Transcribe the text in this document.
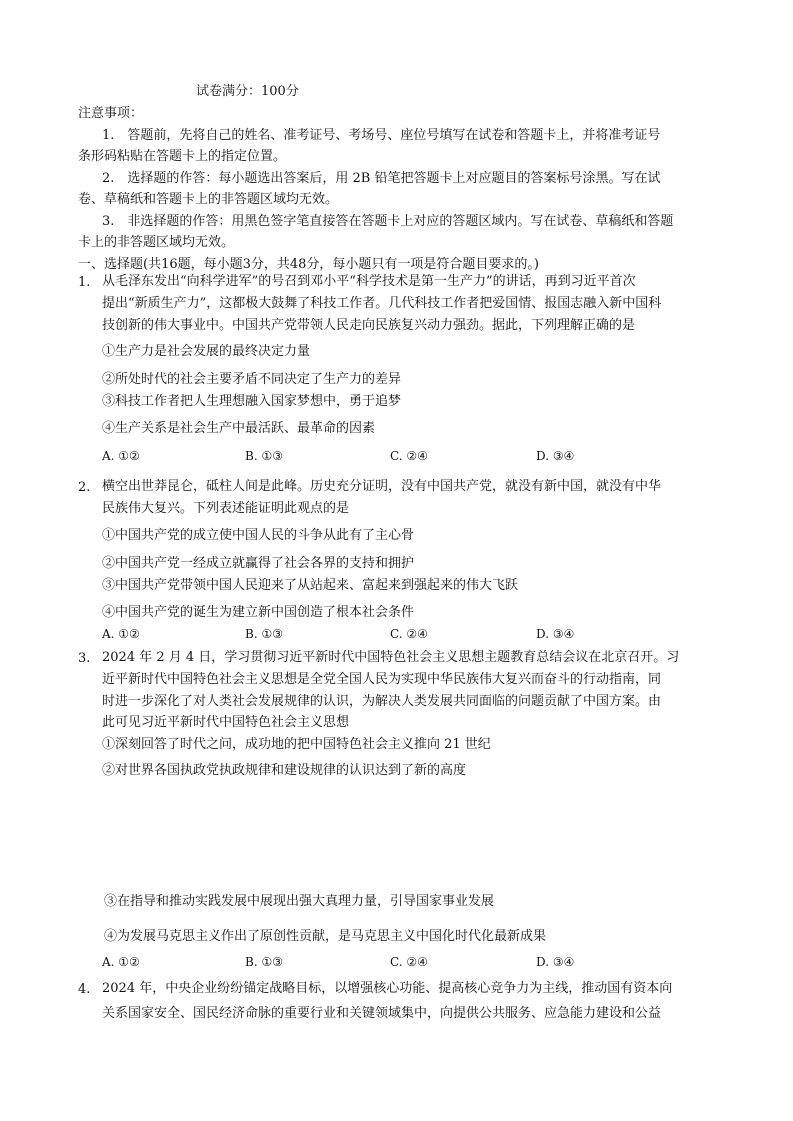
试卷满分：100分
注意事项：
1.　答题前，先将自己的姓名、准考证号、考场号、座位号填写在试卷和答题卡上，并将准考证号
条形码粘贴在答题卡上的指定位置。
2.　选择题的作答：每小题选出答案后，用 2B 铅笔把答题卡上对应题目的答案标号涂黑。写在试
卷、草稿纸和答题卡上的非答题区域均无效。
3.　非选择题的作答：用黑色签字笔直接答在答题卡上对应的答题区域内。写在试卷、草稿纸和答题
卡上的非答题区域均无效。
一、选择题(共16题，每小题3分，共48分，每小题只有一项是符合题目要求的。)
1. 从毛泽东发出“向科学进军”的号召到邓小平“科学技术是第一生产力”的讲话，再到习近平首次
提出“新质生产力”，这都极大鼓舞了科技工作者。几代科技工作者把爱国情、报国志融入新中国科
技创新的伟大事业中。中国共产党带领人民走向民族复兴动力强劲。据此，下列理解正确的是
①生产力是社会发展的最终决定力量
②所处时代的社会主要矛盾不同决定了生产力的差异
③科技工作者把人生理想融入国家梦想中，勇于追梦
④生产关系是社会生产中最活跃、最革命的因素
A. ①②	B. ①③	C. ②④	D. ③④
2. 横空出世莽昆仑，砥柱人间是此峰。历史充分证明，没有中国共产党，就没有新中国，就没有中华
民族伟大复兴。下列表述能证明此观点的是
①中国共产党的成立使中国人民的斗争从此有了主心骨
②中国共产党一经成立就赢得了社会各界的支持和拥护
③中国共产党带领中国人民迎来了从站起来、富起来到强起来的伟大飞跃
④中国共产党的诞生为建立新中国创造了根本社会条件
A. ①②	B. ①③	C. ②④	D. ③④
3. 2024 年 2 月 4 日，学习贯彻习近平新时代中国特色社会主义思想主题教育总结会议在北京召开。习
近平新时代中国特色社会主义思想是全党全国人民为实现中华民族伟大复兴而奋斗的行动指南，同
时进一步深化了对人类社会发展规律的认识，为解决人类发展共同面临的问题贡献了中国方案。由
此可见习近平新时代中国特色社会主义思想
①深刻回答了时代之问，成功地的把中国特色社会主义推向 21 世纪
②对世界各国执政党执政规律和建设规律的认识达到了新的高度
③在指导和推动实践发展中展现出强大真理力量，引导国家事业发展
④为发展马克思主义作出了原创性贡献，是马克思主义中国化时代化最新成果
A. ①②	B. ①③	C. ②④	D. ③④
4. 2024 年，中央企业纷纷锚定战略目标，以增强核心功能、提高核心竞争力为主线，推动国有资本向
关系国家安全、国民经济命脉的重要行业和关键领域集中，向提供公共服务、应急能力建设和公益
